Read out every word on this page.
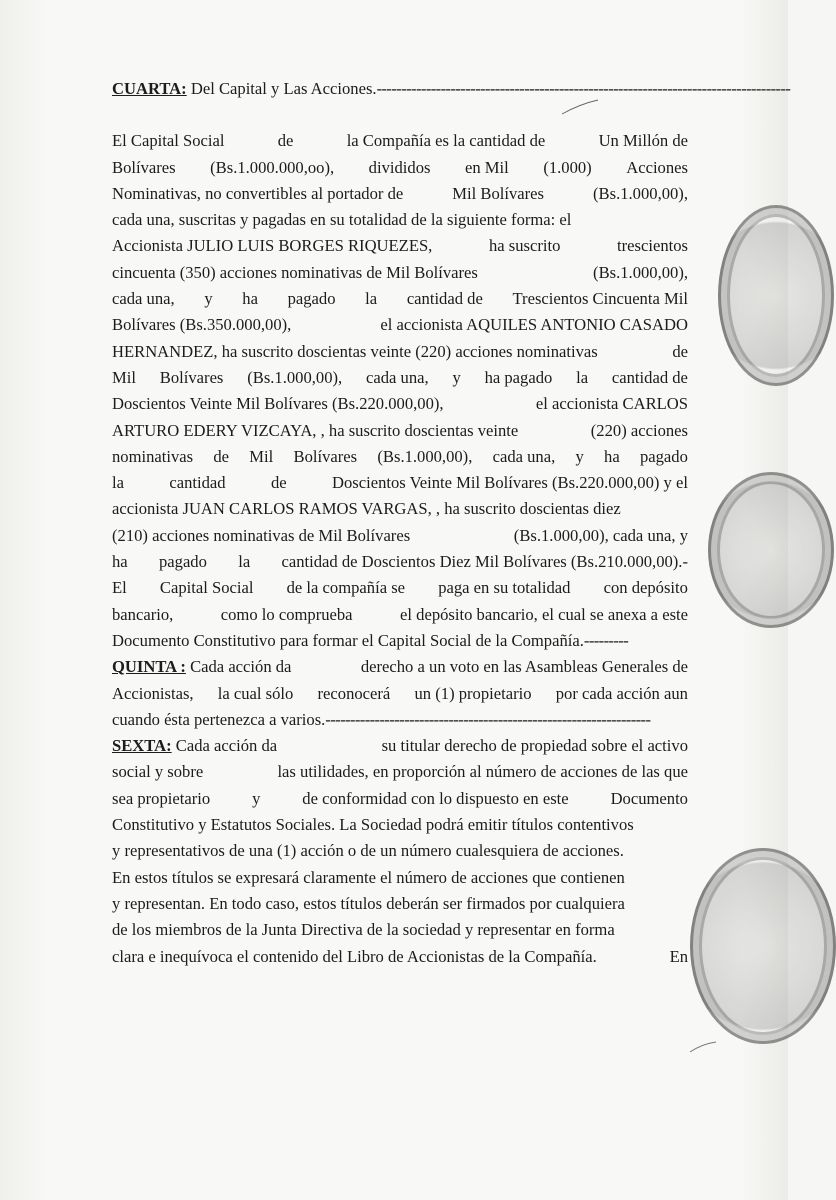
CUARTA: Del Capital y Las Acciones. ------------------------------------------------------------------------------------
El Capital Social	de	la Compañía es la cantidad de	Un Millón de
Bolívares (Bs.1.000.000,oo), divididos en Mil (1.000) Acciones
Nominativas, no convertibles al portador de	Mil Bolívares	(Bs.1.000,00),
cada una, suscritas y pagadas en su totalidad de la siguiente forma: el
Accionista JULIO LUIS BORGES RIQUEZES,	ha suscrito	trescientos
cincuenta (350) acciones nominativas de Mil Bolívares	(Bs.1.000,00),
cada una, y ha pagado la cantidad de Trescientos Cincuenta Mil
Bolívares (Bs.350.000,00),	el accionista AQUILES ANTONIO CASADO
HERNANDEZ, ha suscrito doscientas veinte (220) acciones nominativas	de
Mil Bolívares (Bs.1.000,00), cada una, y ha pagado la cantidad de
Doscientos Veinte Mil Bolívares (Bs.220.000,00),	el accionista CARLOS
ARTURO EDERY VIZCAYA, , ha suscrito doscientas veinte	(220) acciones
nominativas de Mil Bolívares (Bs.1.000,00), cada una, y ha pagado
la	cantidad	de	Doscientos Veinte Mil Bolívares (Bs.220.000,00) y el
accionista JUAN CARLOS RAMOS VARGAS, , ha suscrito doscientas diez
(210) acciones nominativas de Mil Bolívares	(Bs.1.000,00), cada una, y
ha pagado la cantidad de Doscientos Diez Mil Bolívares (Bs.210.000,00).-
El Capital Social de la compañía se paga en su totalidad con depósito
bancario,	como lo comprueba	el depósito bancario, el cual se anexa a este
Documento Constitutivo para formar el Capital Social de la Compañía. ---------
QUINTA : Cada acción da	derecho a un voto en las Asambleas Generales de
Accionistas, la cual sólo reconocerá un (1) propietario por cada acción aun
cuando ésta pertenezca a varios. ------------------------------------------------------------------
SEXTA: Cada acción da	su titular derecho de propiedad sobre el activo
social y sobre	las utilidades, en proporción al número de acciones de las que
sea propietario	y	de conformidad con lo dispuesto en este	Documento
Constitutivo y Estatutos Sociales. La Sociedad podrá emitir títulos contentivos
y representativos de una (1) acción o de un número cualesquiera de acciones.
En estos títulos se expresará claramente el número de acciones que contienen
y representan. En todo caso, estos títulos deberán ser firmados por cualquiera
de los miembros de la Junta Directiva de la sociedad y representar en forma
clara e inequívoca el contenido del Libro de Accionistas de la Compañía.	En
